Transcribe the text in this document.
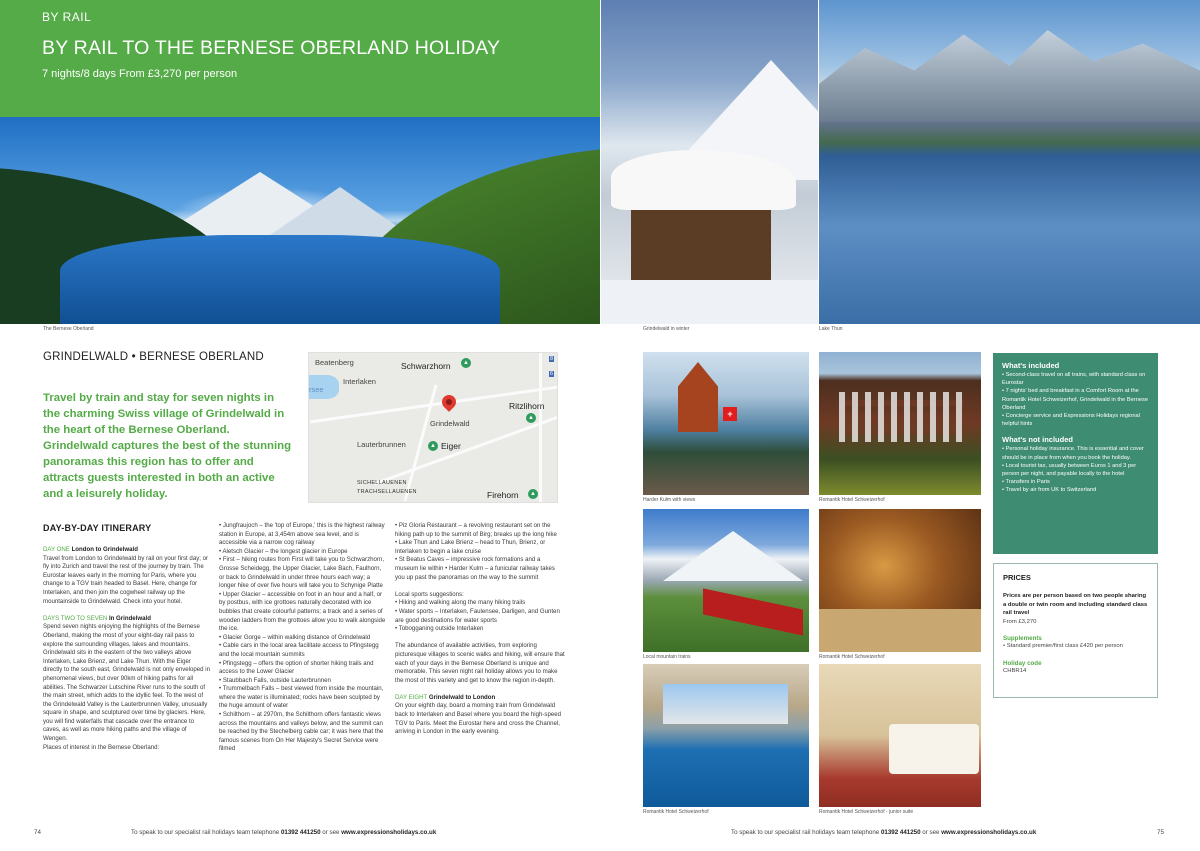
BY RAIL
BY RAIL TO THE BERNESE OBERLAND HOLIDAY
7 nights/8 days From £3,270 per person
The Bernese Oberland	Grindelwald in winter	Lake Thun
GRINDELWALD • BERNESE OBERLAND
Travel by train and stay for seven nights in the charming Swiss village of Grindelwald in the heart of the Bernese Oberland. Grindelwald captures the best of the stunning panoramas this region has to offer and attracts guests interested in both an active and a leisurely holiday.
Beatenberg
Interlaken
rsee
Schwarzhorn	▲
Grindelwald
Ritzlihorn
▲
Lauterbrunnen	▲ Eiger
SICHELLAUENEN
TRACHSELLAUENEN	Firehorn	▲
8
6
DAY-BY-DAY ITINERARY

DAY ONE London to Grindelwald

Travel from London to Grindelwald by rail on your first day; or fly into Zurich and travel the rest of the journey by train. The Eurostar leaves early in the morning for Paris, where you change to a TGV train headed to Basel. Here, change for Interlaken, and then join the cogwheel railway up the mountainside to Grindelwald. Check into your hotel.

DAYS TWO TO SEVEN In Grindelwald

Spend seven nights enjoying the highlights of the Bernese Oberland, making the most of your eight-day rail pass to explore the surrounding villages, lakes and mountains. Grindelwald sits in the eastern of the two valleys above Interlaken, Lake Brienz, and Lake Thun. With the Eiger directly to the south east, Grindelwald is not only enveloped in phenomenal views, but over 90km of hiking paths for all abilities. The Schwarzer Lutschine River runs to the south of the main street, which adds to the idyllic feel. To the west of the Grindelwald Valley is the Lauterbrunnen Valley, unusually square in shape, and sculptured over time by glaciers. Here, you will find waterfalls that cascade over the entrance to caves, as well as more hiking paths and the village of Wengen.

Places of interest in the Bernese Oberland:

• Jungfraujoch – the 'top of Europe,' this is the highest railway station in Europe, at 3,454m above sea level, and is accessible via a narrow cog railway

• Aletsch Glacier – the longest glacier in Europe

• First – hiking routes from First will take you to Schwarzhorn, Grosse Scheidegg, the Upper Glacier, Lake Bach, Faulhorn, or back to Grindelwald in under three hours each way; a longer hike of over five hours will take you to Schynige Platte

• Upper Glacier – accessible on foot in an hour and a half, or by postbus, with ice grottoes naturally decorated with ice bubbles that create colourful patterns; a track and a series of wooden ladders from the grottoes allow you to walk alongside the ice.

• Glacier Gorge – within walking distance of Grindelwald

• Cable cars in the local area facilitate access to Pfingstegg and the local mountain summits

• Pfingstegg – offers the option of shorter hiking trails and access to the Lower Glacier

• Staubbach Falls, outside Lauterbrunnen

• Trummelbach Falls – best viewed from inside the mountain, where the water is illuminated; rocks have been sculpted by the huge amount of water

• Schilthorn – at 2970m, the Schilthorn offers fantastic views across the mountains and valleys below, and the summit can be reached by the Stechelberg cable car; it was here that the famous scenes from On Her Majesty's Secret Service were filmed

• Piz Gloria Restaurant – a revolving restaurant set on the hiking path up to the summit of Birg; breaks up the long hike

• Lake Thun and Lake Brienz – head to Thun, Brienz, or Interlaken to begin a lake cruise

• St Beatus Caves – impressive rock formations and a museum lie within • Harder Kulm – a funicular railway takes you up past the panoramas on the way to the summit

Local sports suggestions:

• Hiking and walking along the many hiking trails

• Water sports – Interlaken, Faulensee, Darligen, and Gunten are good destinations for water sports

• Tobogganing outside Interlaken

The abundance of available activities, from exploring picturesque villages to scenic walks and hiking, will ensure that each of your days in the Bernese Oberland is unique and memorable. This seven night rail holiday allows you to make the most of this variety and get to know the region in-depth.

DAY EIGHT Grindelwald to London

On your eighth day, board a morning train from Grindelwald back to Interlaken and Basel where you board the high-speed TGV to Paris. Meet the Eurostar here and cross the Channel, arriving in London in the early evening.

74	To speak to our specialist rail holidays team telephone 01392 441250 or see www.expressionsholidays.co.uk
+
Harder Kulm with views	Romantik Hotel Schweizerhof
Local mountain trains	Romantik Hotel Schweizerhof
Romantik Hotel Schweizerhof	Romantik Hotel Schweizerhof - junior suite
What's included

• Second-class travel on all trains, with standard class on Eurostar

• 7 nights' bed and breakfast in a Comfort Room at the Romantik Hotel Schweizerhof, Grindelwald in the Bernese Oberland

• Concierge service and Expressions Holidays regional helpful hints

What's not included

• Personal holiday insurance. This is essential and cover should be in place from when you book the holiday.

• Local tourist tax, usually between Euros 1 and 3 per person per night, and payable locally to the hotel

• Transfers in Paris

• Travel by air from UK to Switzerland

PRICES

Prices are per person based on two people sharing a double or twin room and including standard class rail travel

From £3,270

Supplements

• Standard premier/first class £420 per person

Holiday code

CHBR14

To speak to our specialist rail holidays team telephone 01392 441250 or see www.expressionsholidays.co.uk	75
